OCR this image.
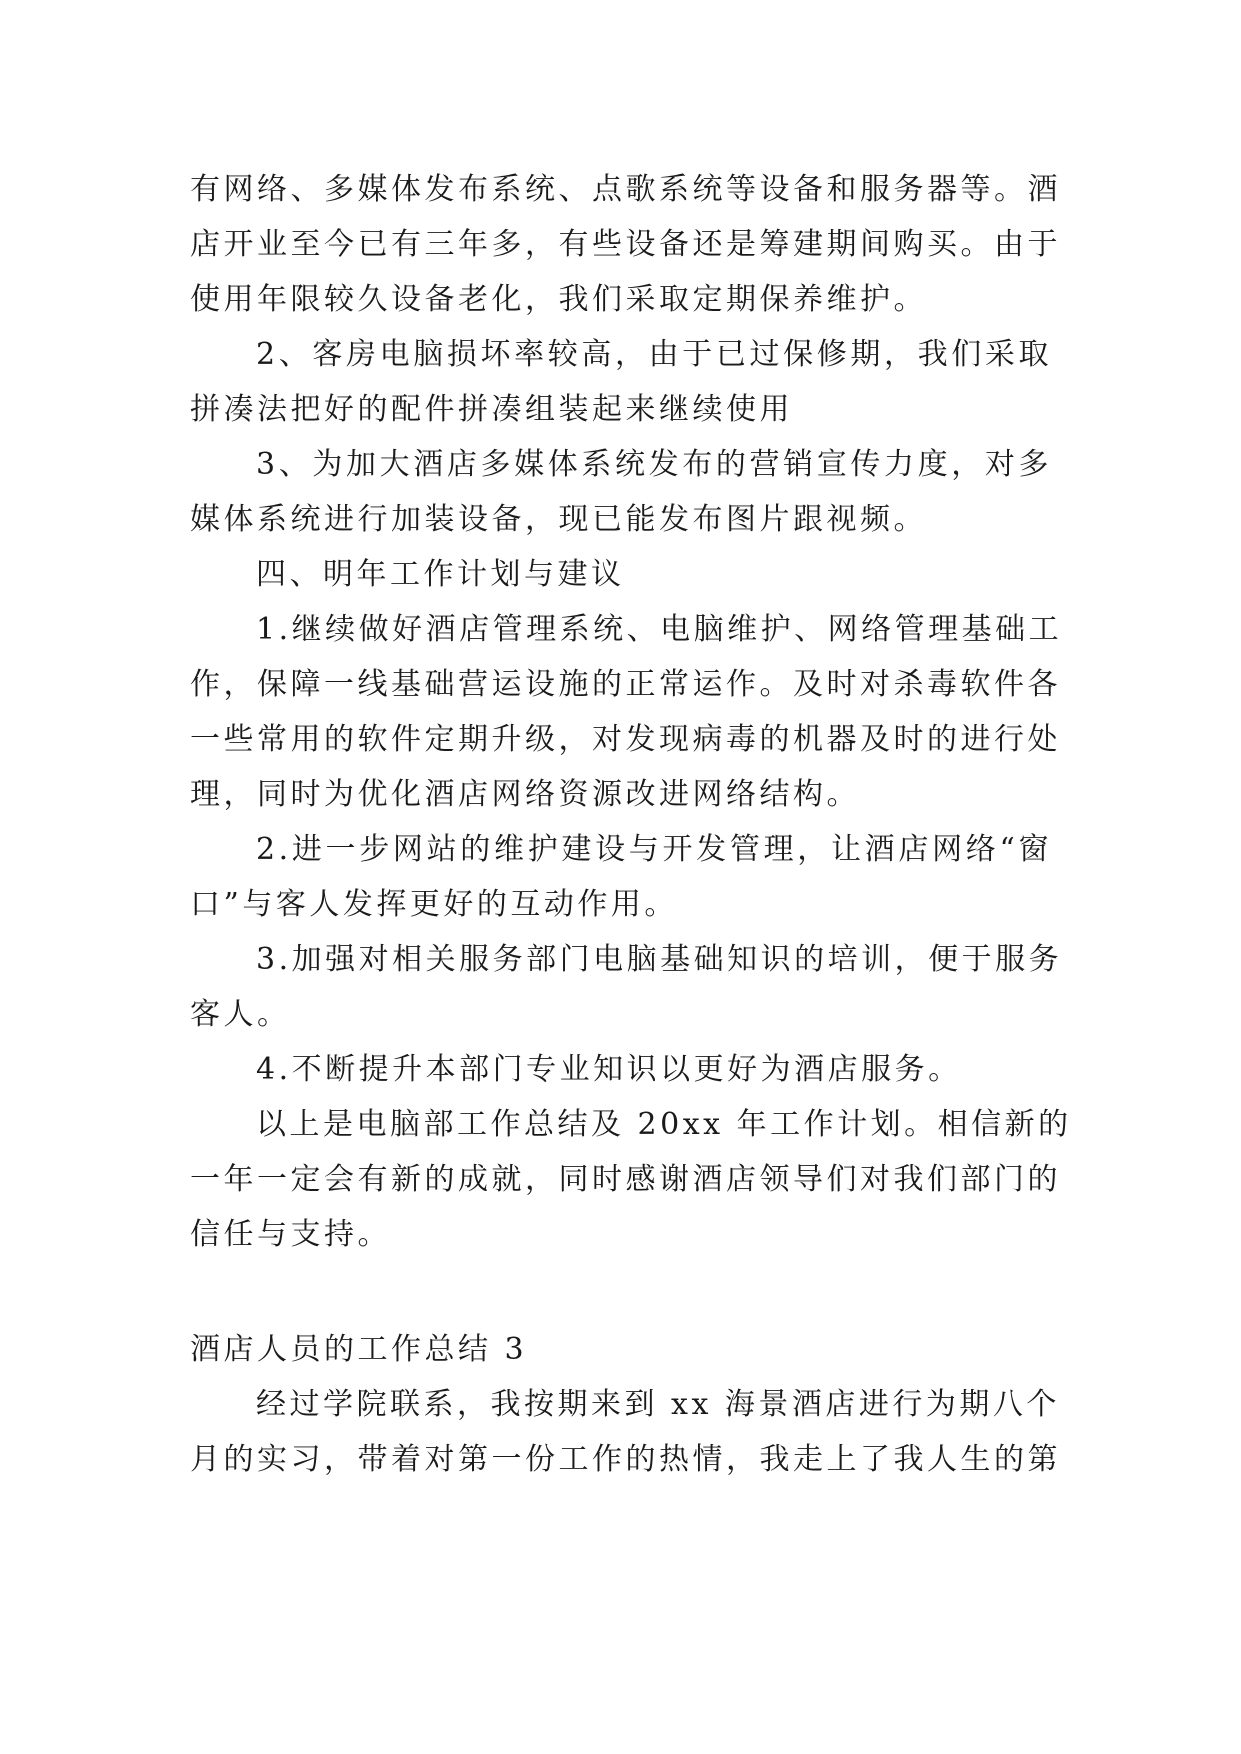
有网络、多媒体发布系统、点歌系统等设备和服务器等。酒
店开业至今已有三年多，有些设备还是筹建期间购买。由于
使用年限较久设备老化，我们采取定期保养维护。
2、客房电脑损坏率较高，由于已过保修期，我们采取
拼凑法把好的配件拼凑组装起来继续使用
3、为加大酒店多媒体系统发布的营销宣传力度，对多
媒体系统进行加装设备，现已能发布图片跟视频。
四、明年工作计划与建议
1.继续做好酒店管理系统、电脑维护、网络管理基础工
作，保障一线基础营运设施的正常运作。及时对杀毒软件各
一些常用的软件定期升级，对发现病毒的机器及时的进行处
理，同时为优化酒店网络资源改进网络结构。
2.进一步网站的维护建设与开发管理，让酒店网络“窗
口”与客人发挥更好的互动作用。
3.加强对相关服务部门电脑基础知识的培训，便于服务
客人。
4.不断提升本部门专业知识以更好为酒店服务。
以上是电脑部工作总结及 20xx 年工作计划。相信新的
一年一定会有新的成就，同时感谢酒店领导们对我们部门的
信任与支持。
酒店人员的工作总结 3
经过学院联系，我按期来到 xx 海景酒店进行为期八个
月的实习，带着对第一份工作的热情，我走上了我人生的第
